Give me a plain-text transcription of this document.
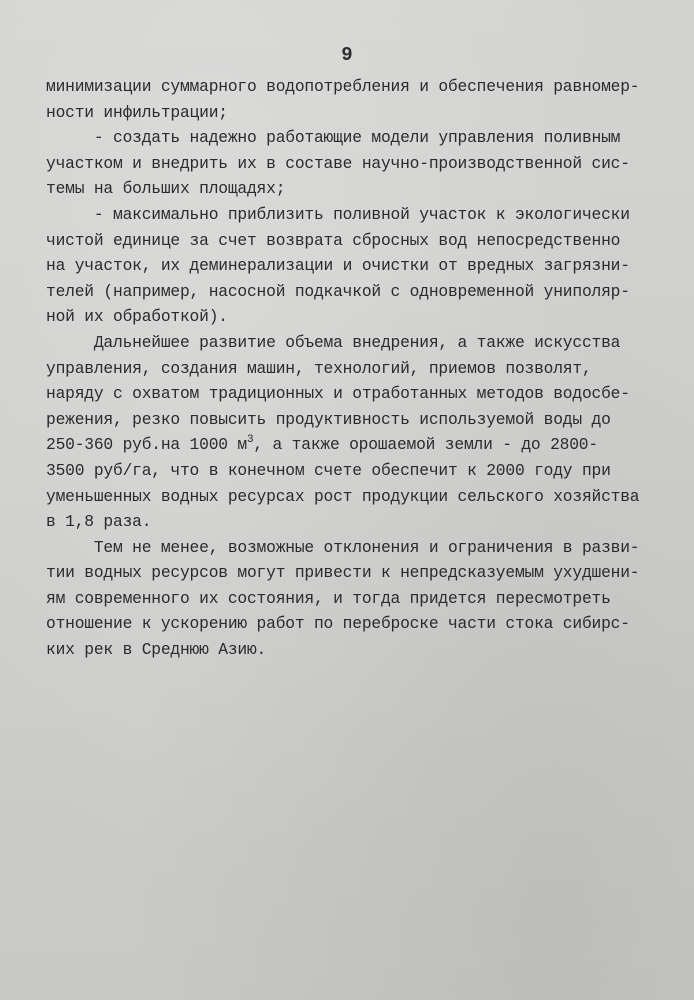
9
минимизации суммарного водопотребления и обеспечения равномер-
ности инфильтрации;
- создать надежно работающие модели управления поливным
участком и внедрить их в составе научно-производственной сис-
темы на больших площадях;
- максимально приблизить поливной участок к экологически
чистой единице за счет возврата сбросных вод непосредственно
на участок, их деминерализации и очистки от вредных загрязни-
телей (например, насосной подкачкой с одновременной униполяр-
ной их обработкой).
Дальнейшее развитие объема внедрения, а также искусства
управления, создания машин, технологий, приемов позволят,
наряду с охватом традиционных и отработанных методов водосбе-
режения, резко повысить продуктивность используемой воды до
250-360 руб.на 1000 $м^3$, а также орошаемой земли - до 2800-
3500 руб/га, что в конечном счете обеспечит к 2000 году при
уменьшенных водных ресурсах рост продукции сельского хозяйства
в 1,8 раза.
Тем не менее, возможные отклонения и ограничения в разви-
тии водных ресурсов могут привести к непредсказуемым ухудшени-
ям современного их состояния, и тогда придется пересмотреть
отношение к ускорению работ по переброске части стока сибирс-
ких рек в Среднюю Азию.
